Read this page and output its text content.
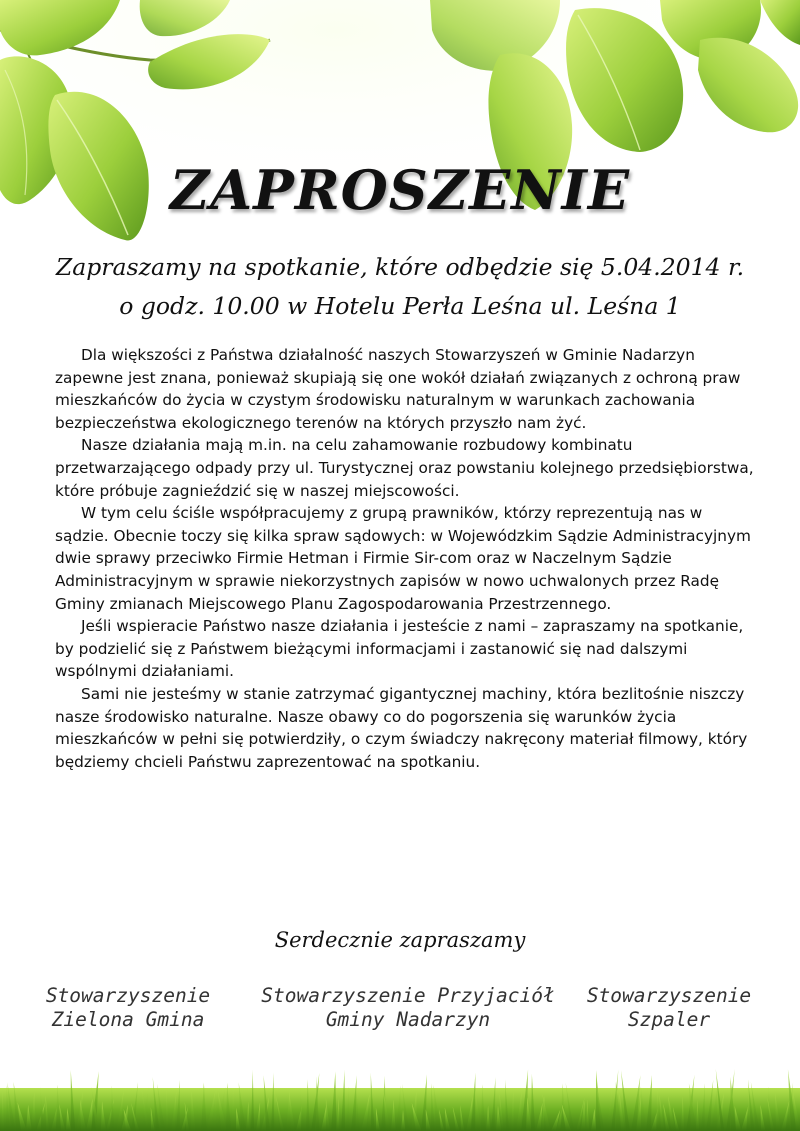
ZAPROSZENIE
Zapraszamy na spotkanie, które odbędzie się 5.04.2014 r.
o godz. 10.00 w Hotelu Perła Leśna ul. Leśna 1

Dla większości z Państwa działalność naszych Stowarzyszeń w Gminie Nadarzyn zapewne jest znana, ponieważ skupiają się one wokół działań związanych z ochroną praw mieszkańców do życia w czystym środowisku naturalnym w warunkach zachowania bezpieczeństwa ekologicznego terenów na których przyszło nam żyć.

Nasze działania mają m.in. na celu zahamowanie rozbudowy kombinatu przetwarzającego odpady przy ul. Turystycznej oraz powstaniu kolejnego przedsiębiorstwa, które próbuje zagnieździć się w naszej miejscowości.

W tym celu ściśle współpracujemy z grupą prawników, którzy reprezentują nas w sądzie. Obecnie toczy się kilka spraw sądowych: w Wojewódzkim Sądzie Administracyjnym dwie sprawy przeciwko Firmie Hetman i Firmie Sir-com oraz w Naczelnym Sądzie Administracyjnym w sprawie niekorzystnych zapisów w nowo uchwalonych przez Radę Gminy zmianach Miejscowego Planu Zagospodarowania Przestrzennego.

Jeśli wspieracie Państwo nasze działania i jesteście z nami – zapraszamy na spotkanie, by podzielić się z Państwem bieżącymi informacjami i zastanowić się nad dalszymi wspólnymi działaniami.

Sami nie jesteśmy w stanie zatrzymać gigantycznej machiny, która bezlitośnie niszczy nasze środowisko naturalne. Nasze obawy co do pogorszenia się warunków życia mieszkańców w pełni się potwierdziły, o czym świadczy nakręcony materiał filmowy, który będziemy chcieli Państwu zaprezentować na spotkaniu.

Serdecznie zapraszamy
Stowarzyszenie
Zielona Gmina
Stowarzyszenie Przyjaciół
Gminy Nadarzyn
Stowarzyszenie
Szpaler
